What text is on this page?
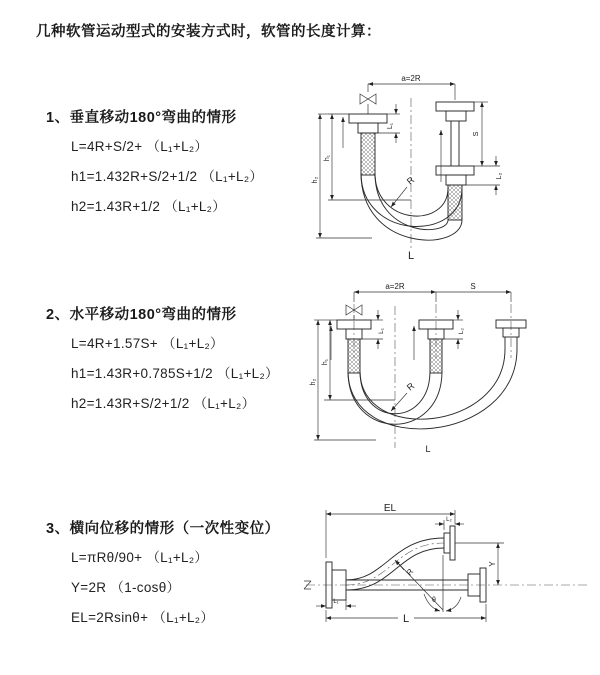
几种软管运动型式的安装方式时，软管的长度计算：
1、垂直移动180°弯曲的情形
L=4R+S/2+ （L₁+L₂）
h1=1.432R+S/2+1/2 （L₁+L₂）
h2=1.43R+1/2 （L₁+L₂）
2、水平移动180°弯曲的情形
L=4R+1.57S+ （L₁+L₂）
h1=1.43R+0.785S+1/2 （L₁+L₂）
h2=1.43R+S/2+1/2 （L₁+L₂）
3、横向位移的情形（一次性变位）
L=πRθ/90+ （L₁+L₂）
Y=2R （1-cosθ）
EL=2Rsinθ+ （L₁+L₂）
a=2R
L₁
S
L₂
h₁
h₂	R
L
a=2R	S
L₁	L₂
h₁
h₂	R
L
EL
L₂
Y
R
θ
L₁
L
